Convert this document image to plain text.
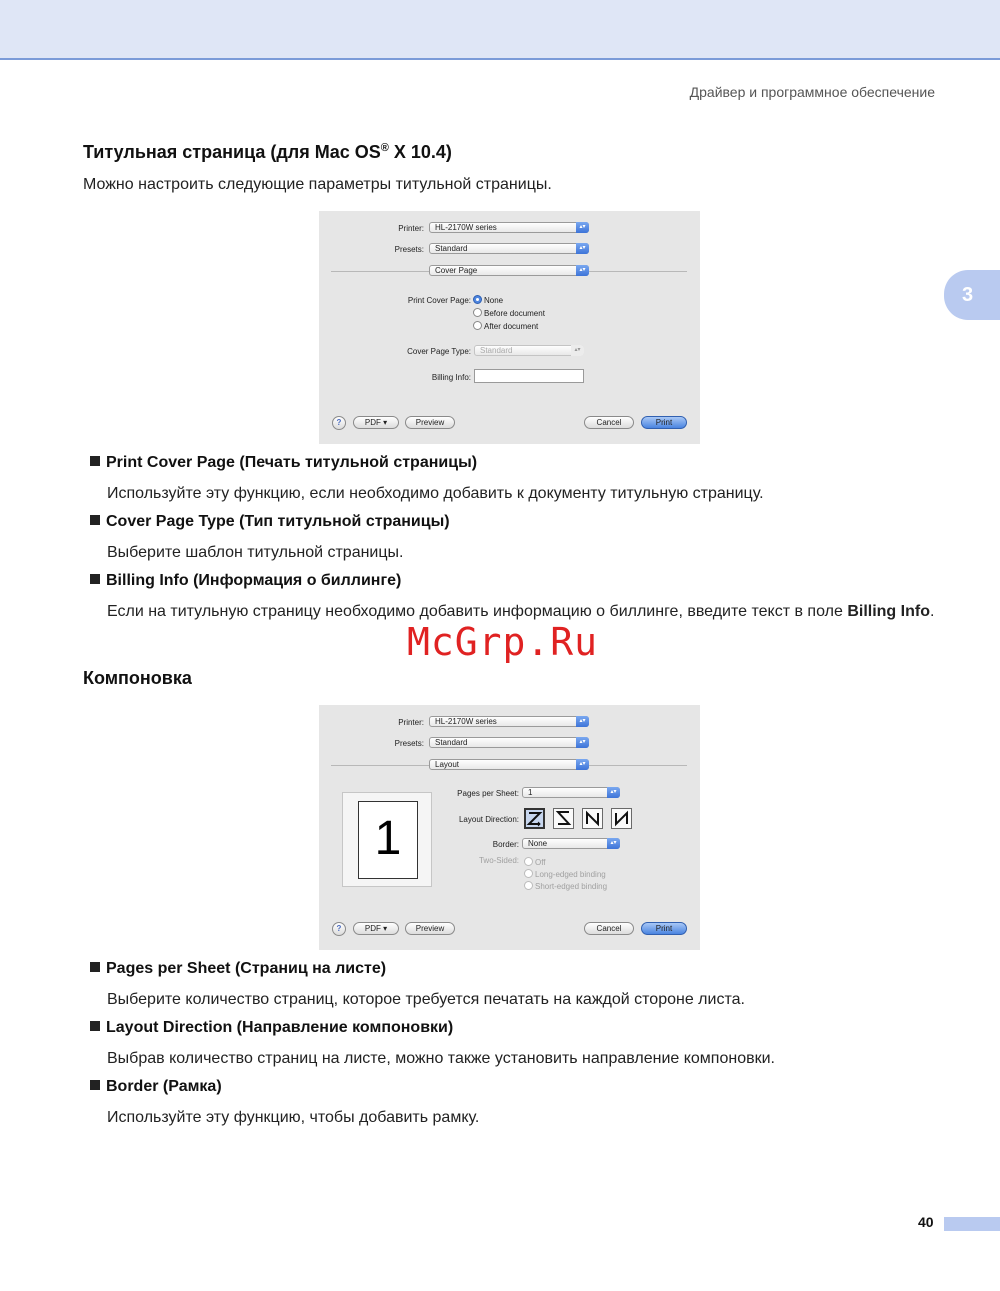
Драйвер и программное обеспечение
3
Титульная страница (для Mac OS® X 10.4)
Можно настроить следующие параметры титульной страницы.
Printer:	HL-2170W series	▴▾
Presets:	Standard	▴▾
Cover Page	▴▾
Print Cover Page:	None
Before document
After document
Cover Page Type:	Standard	▴▾
Billing Info:
?	PDF ▾	Preview	Cancel	Print
Print Cover Page (Печать титульной страницы)
Используйте эту функцию, если необходимо добавить к документу титульную страницу.
Cover Page Type (Тип титульной страницы)
Выберите шаблон титульной страницы.
Billing Info (Информация о биллинге)
Если на титульную страницу необходимо добавить информацию о биллинге, введите текст в поле Billing Info.
McGrp.Ru
Компоновка
Printer:	HL-2170W series	▴▾
Presets:	Standard	▴▾
Layout	▴▾
1
Pages per Sheet:	1	▴▾
Layout Direction:
Border:	None	▴▾
Two-Sided:	Off
Long-edged binding
Short-edged binding
?	PDF ▾	Preview	Cancel	Print
Pages per Sheet (Страниц на листе)
Выберите количество страниц, которое требуется печатать на каждой стороне листа.
Layout Direction (Направление компоновки)
Выбрав количество страниц на листе, можно также установить направление компоновки.
Border (Рамка)
Используйте эту функцию, чтобы добавить рамку.
40
